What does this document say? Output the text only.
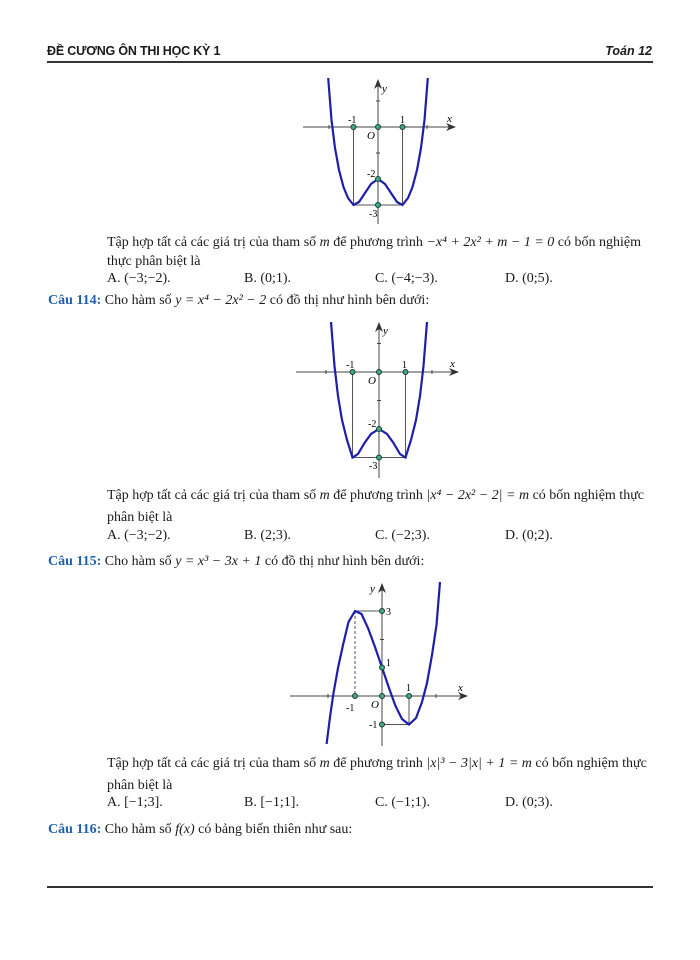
ĐỀ CƯƠNG ÔN THI HỌC KỲ 1	Toán 12
x
y
O
-1	1
-2
-3
x
y
O
-1	1
-2
-3
x
y
O
-1
1
3
1
-1
Tập hợp tất cả các giá trị của tham số m để phương trình −x⁴ + 2x² + m − 1 = 0 có bốn nghiệm
thực phân biệt là
A. (−3;−2).	B. (0;1).	C. (−4;−3).	D. (0;5).
Câu 114: Cho hàm số y = x⁴ − 2x² − 2 có đồ thị như hình bên dưới:
Tập hợp tất cả các giá trị của tham số m để phương trình |x⁴ − 2x² − 2| = m có bốn nghiệm thực
phân biệt là
A. (−3;−2).	B. (2;3).	C. (−2;3).	D. (0;2).
Câu 115: Cho hàm số y = x³ − 3x + 1 có đồ thị như hình bên dưới:
Tập hợp tất cả các giá trị của tham số m để phương trình |x|³ − 3|x| + 1 = m có bốn nghiệm thực
phân biệt là
A. [−1;3].	B. [−1;1].	C. (−1;1).	D. (0;3).
Câu 116: Cho hàm số f(x) có bảng biến thiên như sau:
